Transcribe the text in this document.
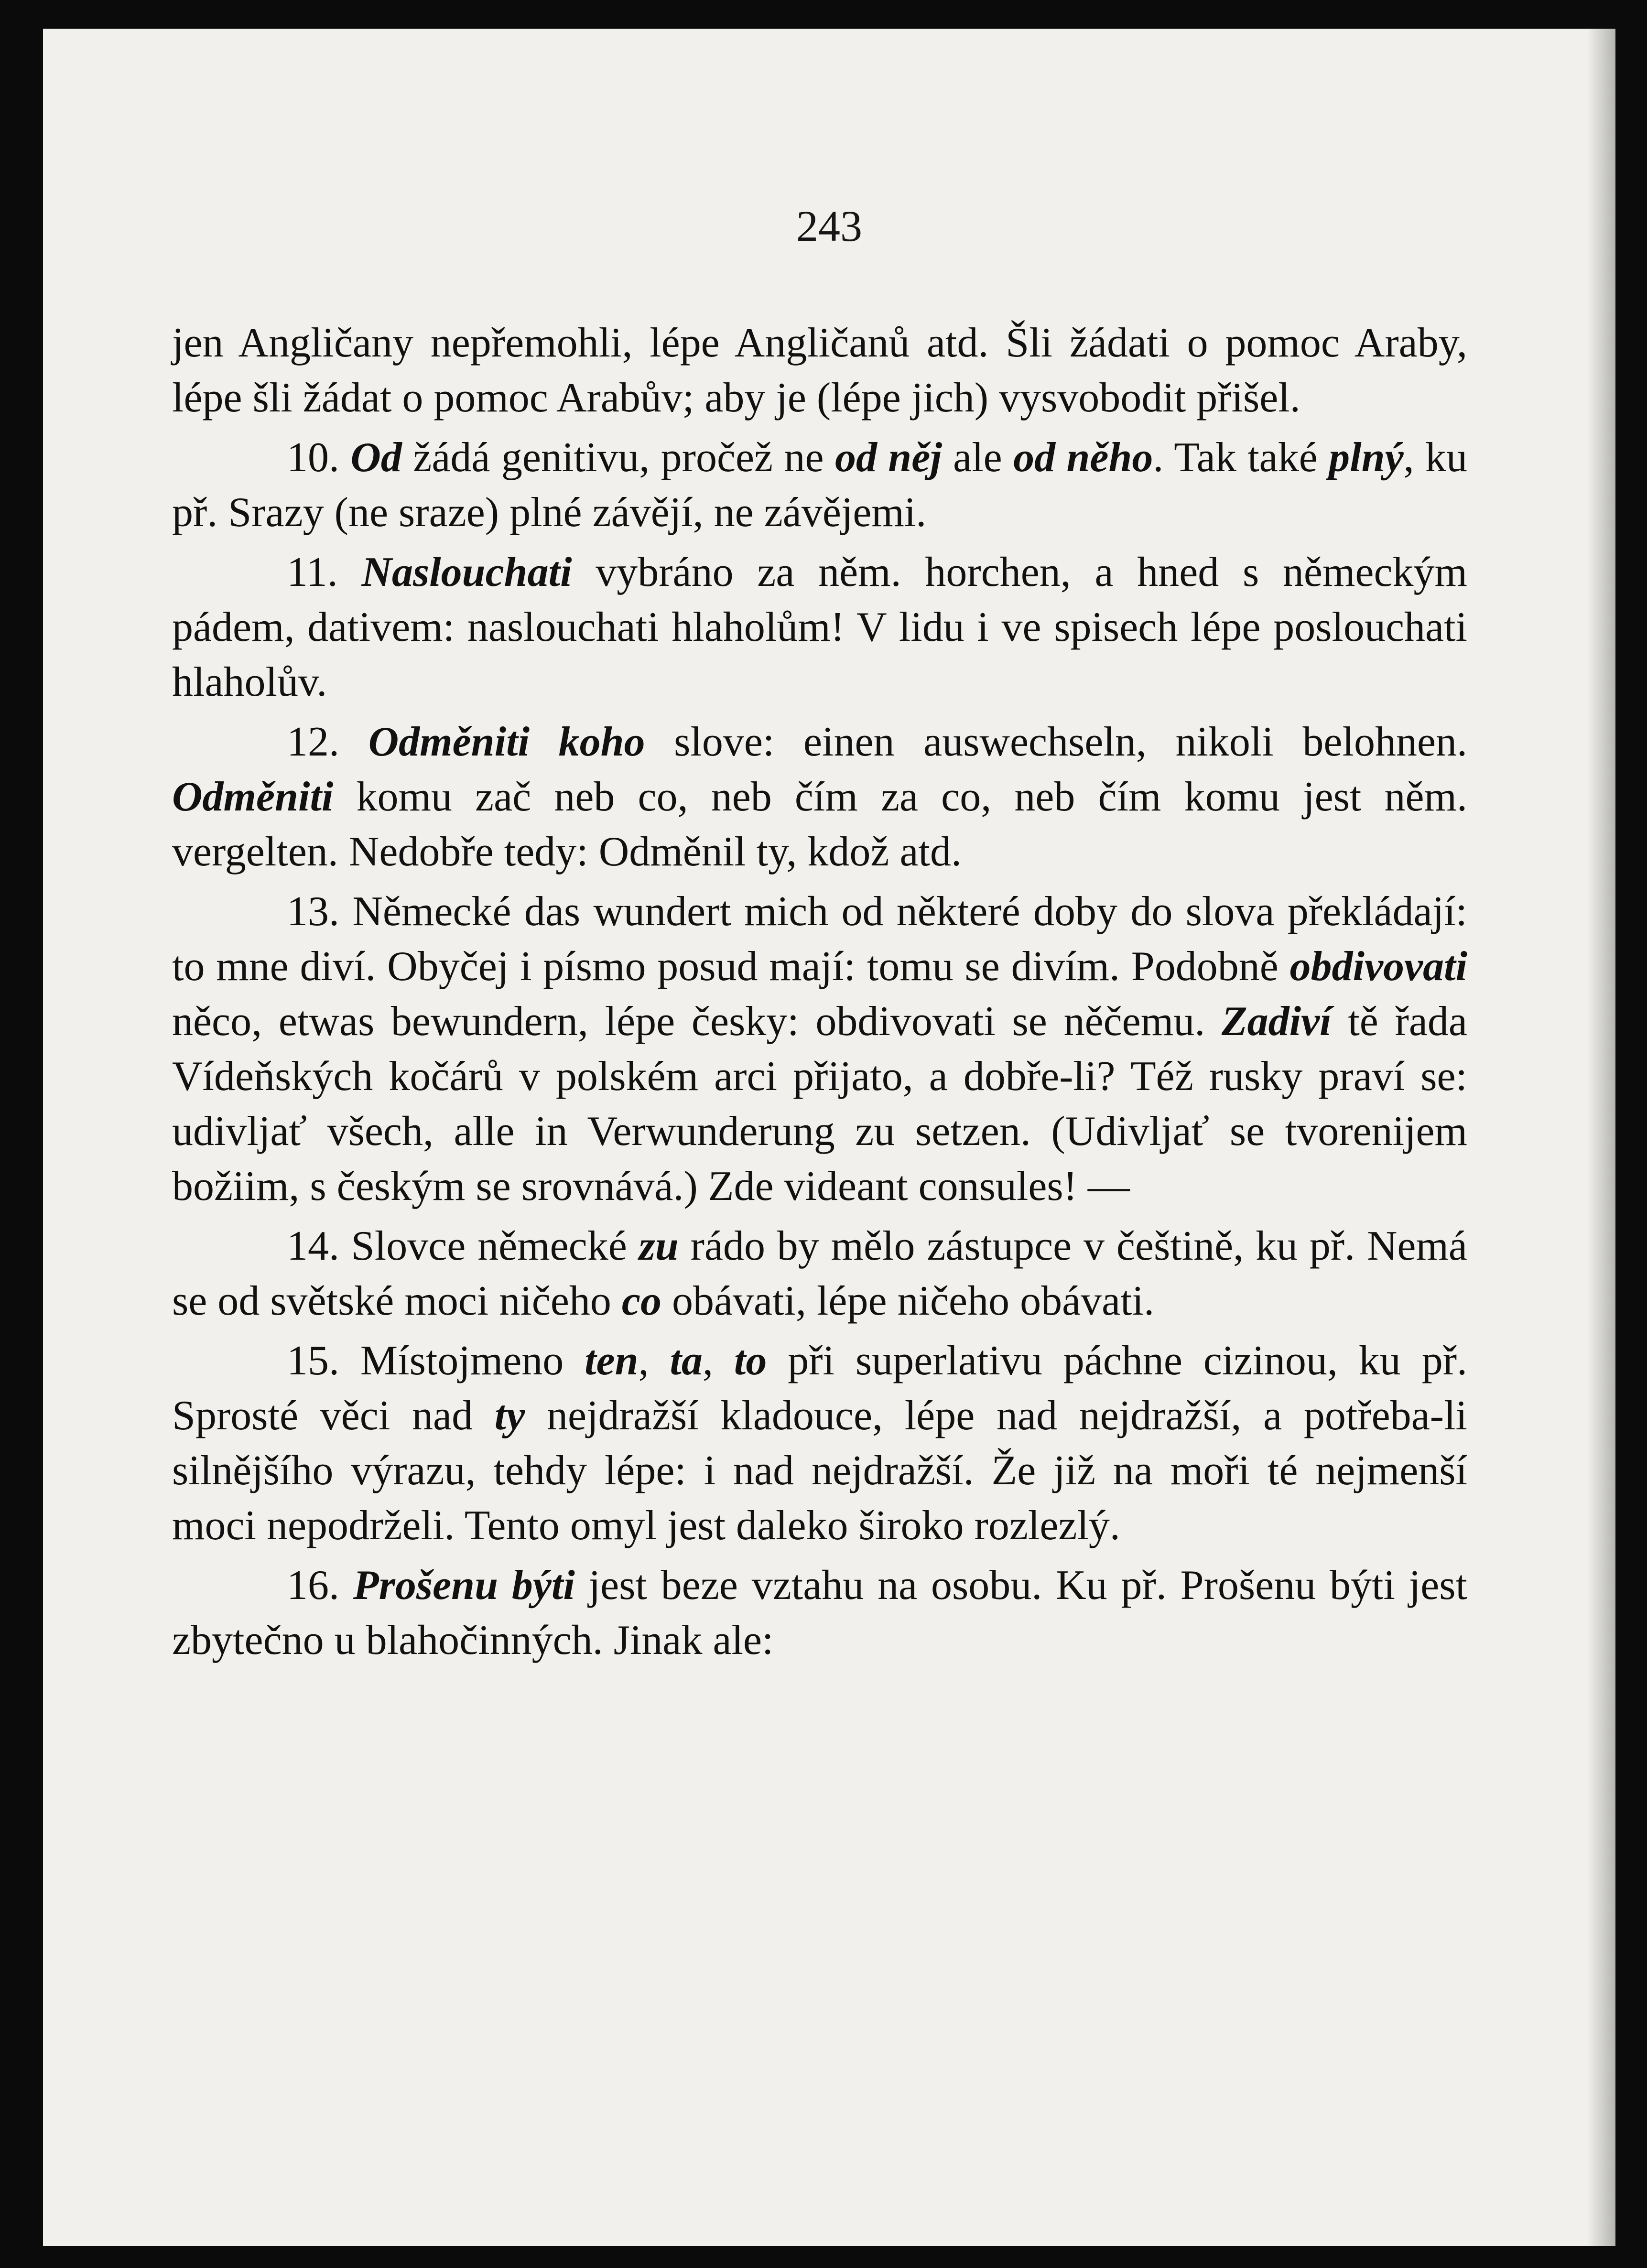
243

jen Angličany nepřemohli, lépe Angličanů atd. Šli žádati o pomoc Araby, lépe šli žádat o pomoc Arabův; aby je (lépe jich) vysvobodit přišel.

10. Od žádá genitivu, pročež ne od něj ale od něho. Tak také plný, ku př. Srazy (ne sraze) plné závějí, ne závějemi.

11. Naslouchati vybráno za něm. horchen, a hned s německým pádem, dativem: naslouchati hlaholům! V lidu i ve spisech lépe poslouchati hlaholův.

12. Odměniti koho slove: einen auswechseln, nikoli belohnen. Odměniti komu zač neb co, neb čím za co, neb čím komu jest něm. vergelten. Nedobře tedy: Odměnil ty, kdož atd.

13. Německé das wundert mich od některé doby do slova překládají: to mne diví. Obyčej i písmo posud mají: tomu se divím. Podobně obdivovati něco, etwas bewundern, lépe česky: obdivovati se něčemu. Zadiví tě řada Vídeňských kočárů v polském arci přijato, a dobře-li? Též rusky praví se: udivljať všech, alle in Verwunderung zu setzen. (Udivljať se tvorenijem božiim, s českým se srovnává.) Zde videant consules! —

14. Slovce německé zu rádo by mělo zástupce v češtině, ku př. Nemá se od světské moci ničeho co obávati, lépe ničeho obávati.

15. Místojmeno ten, ta, to při superlativu páchne cizinou, ku př. Sprosté věci nad ty nejdražší kladouce, lépe nad nejdražší, a potřeba-li silnějšího výrazu, tehdy lépe: i nad nejdražší. Že již na moři té nejmenší moci nepodrželi. Tento omyl jest daleko široko rozlezlý.

16. Prošenu býti jest beze vztahu na osobu. Ku př. Prošenu býti jest zbytečno u blahočinných. Jinak ale:
